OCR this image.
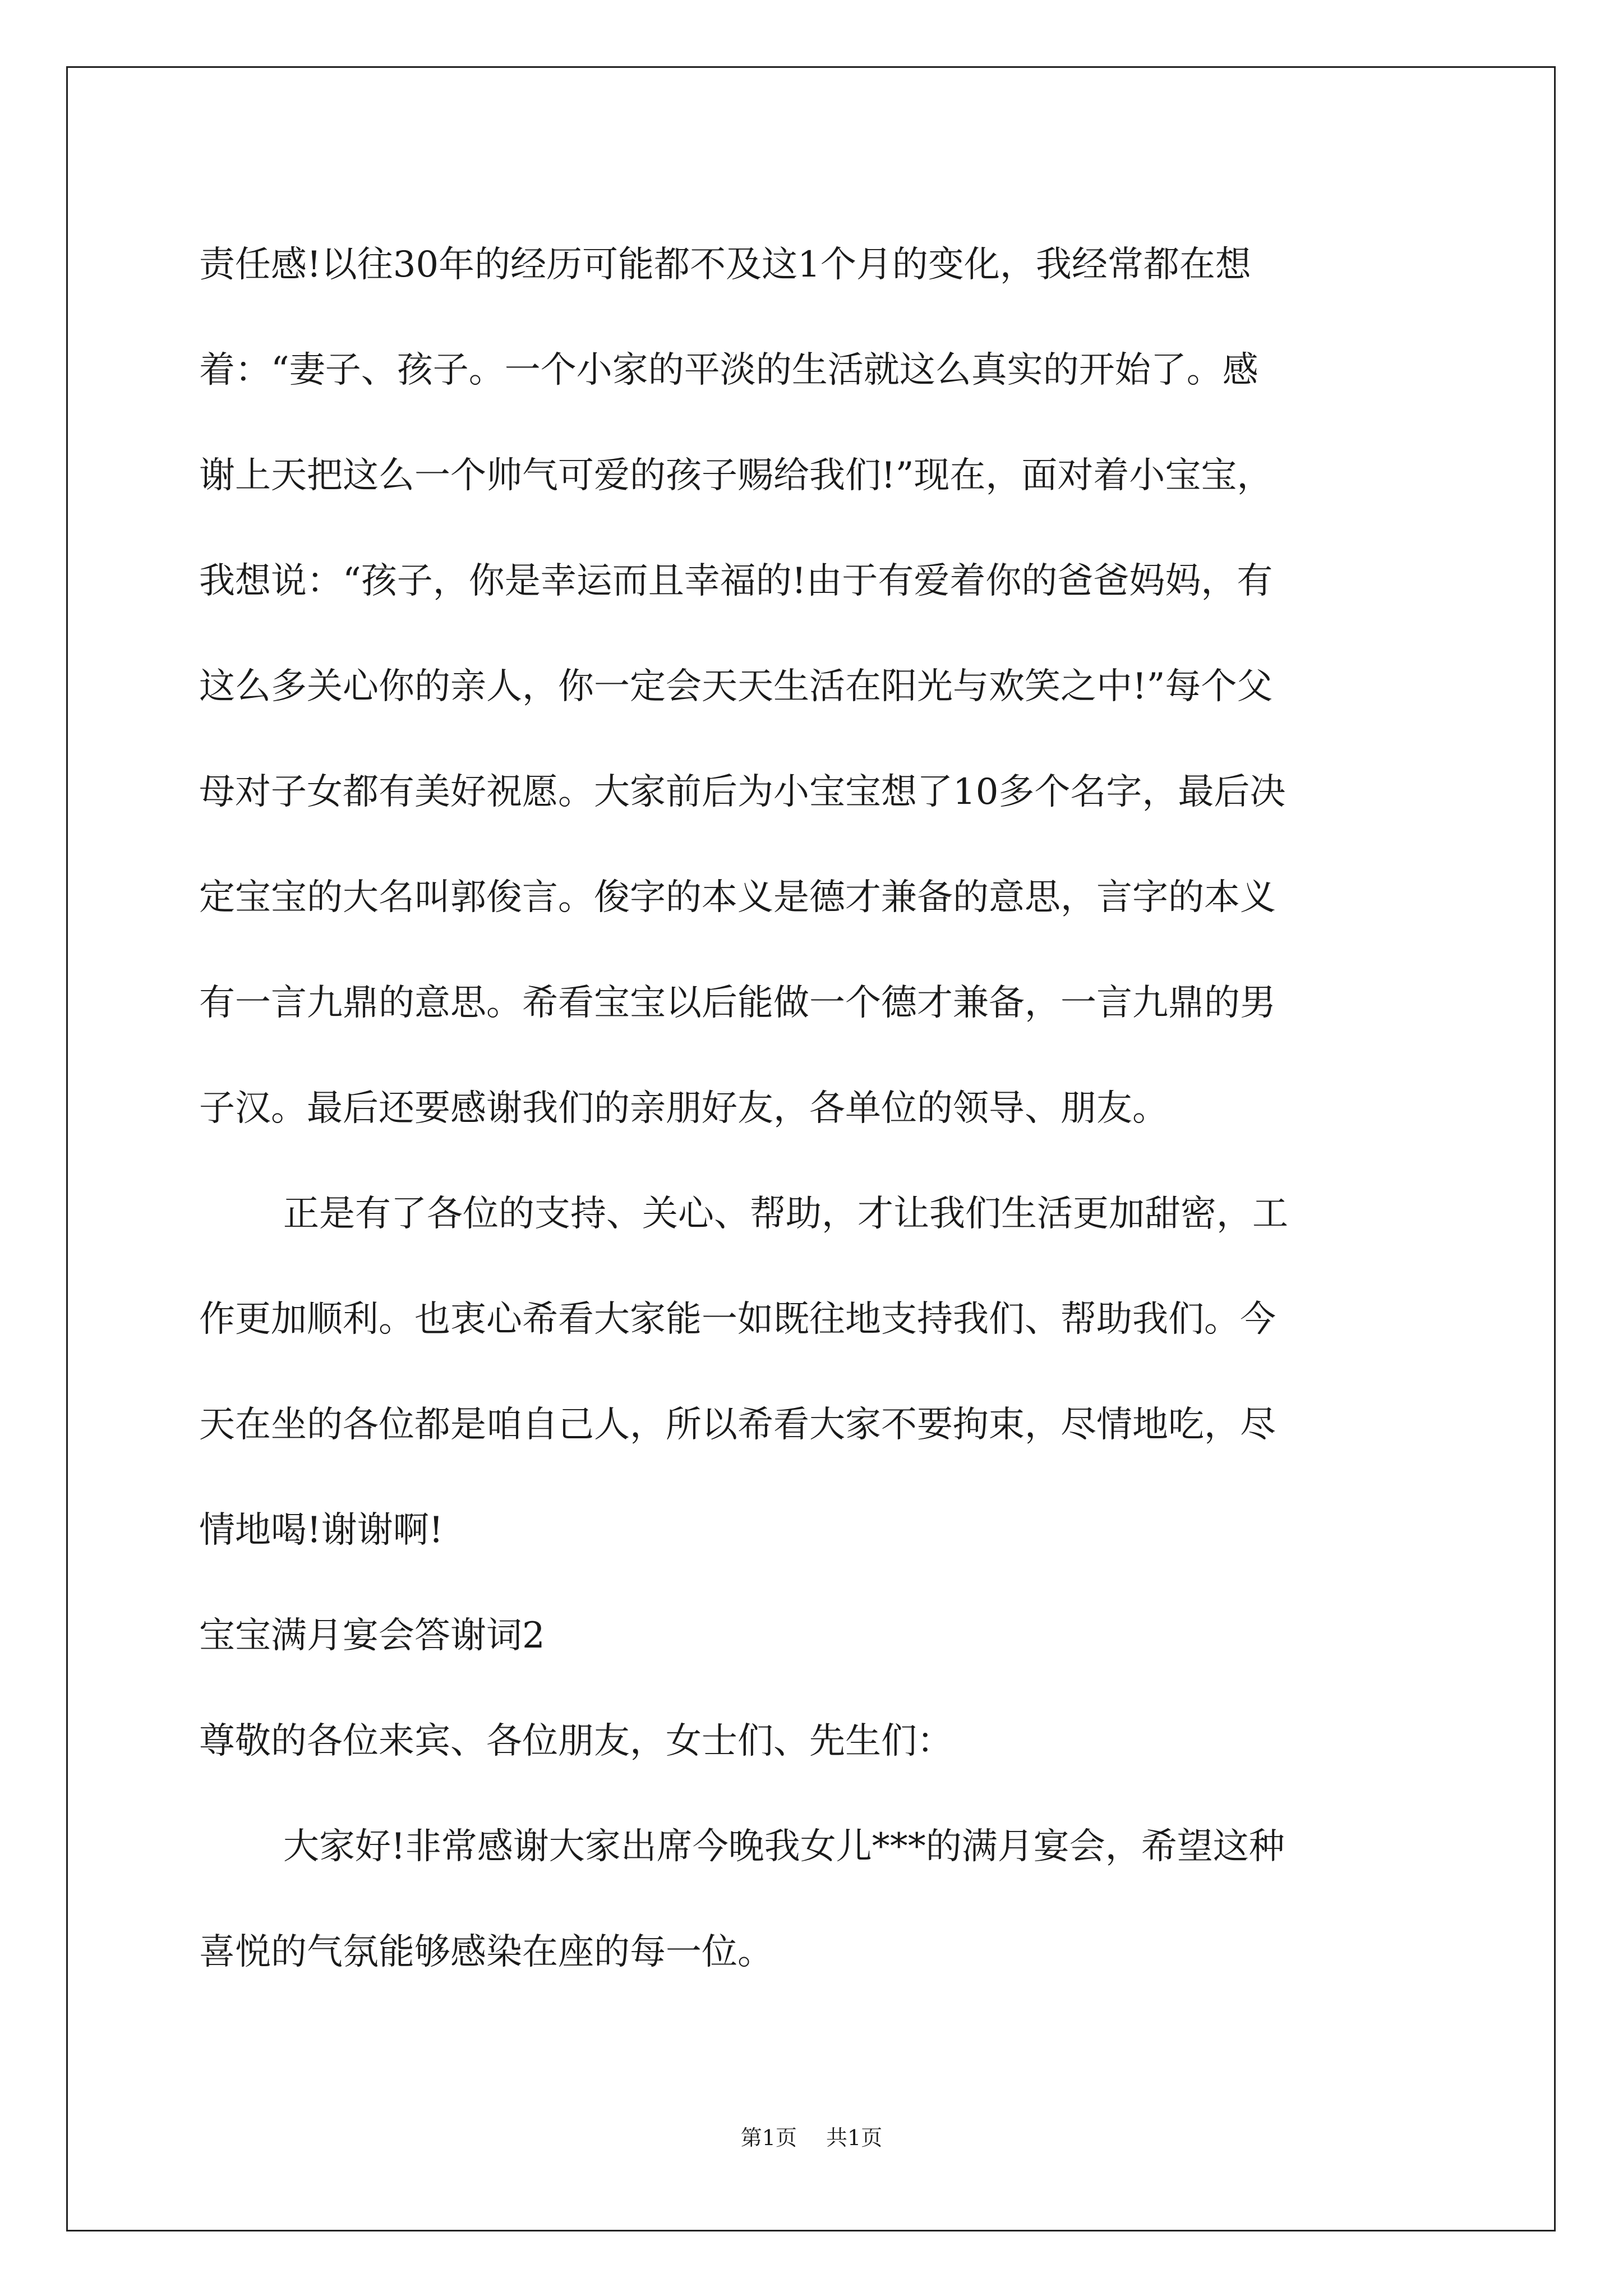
责任感!以往30年的经历可能都不及这1个月的变化，我经常都在想
着：“妻子、孩子。一个小家的平淡的生活就这么真实的开始了。感
谢上天把这么一个帅气可爱的孩子赐给我们!”现在，面对着小宝宝，
我想说：“孩子，你是幸运而且幸福的!由于有爱着你的爸爸妈妈，有
这么多关心你的亲人，你一定会天天生活在阳光与欢笑之中!”每个父
母对子女都有美好祝愿。大家前后为小宝宝想了10多个名字，最后决
定宝宝的大名叫郭俊言。俊字的本义是德才兼备的意思，言字的本义
有一言九鼎的意思。希看宝宝以后能做一个德才兼备，一言九鼎的男
子汉。最后还要感谢我们的亲朋好友，各单位的领导、朋友。
正是有了各位的支持、关心、帮助，才让我们生活更加甜密，工
作更加顺利。也衷心希看大家能一如既往地支持我们、帮助我们。今
天在坐的各位都是咱自己人，所以希看大家不要拘束，尽情地吃，尽
情地喝!谢谢啊!
宝宝满月宴会答谢词2
尊敬的各位来宾、各位朋友，女士们、先生们：
大家好!非常感谢大家出席今晚我女儿***的满月宴会，希望这种
喜悦的气氛能够感染在座的每一位。
第1页 共1页
